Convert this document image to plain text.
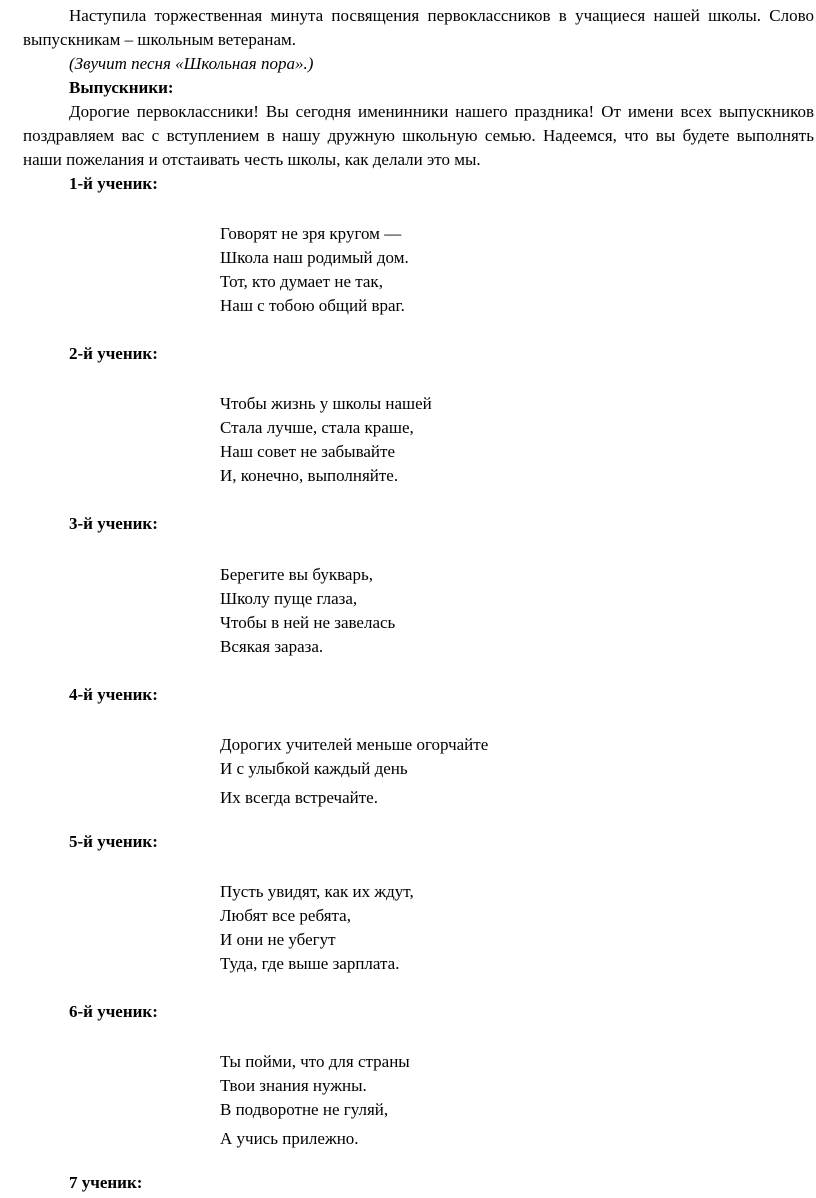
Наступила торжественная минута посвящения первоклассников в учащиеся нашей школы. Слово выпускникам – школьным ветеранам.

(Звучит песня «Школьная пора».)

Выпускники:

Дорогие первоклассники! Вы сегодня именинники нашего праздника! От имени всех выпускников поздравляем вас с вступлением в нашу дружную школьную семью. Надеемся, что вы будете выполнять наши пожелания и отстаивать честь школы, как делали это мы.

1-й ученик:

Говорят не зря кругом —
Школа наш родимый дом.
Тот, кто думает не так,
Наш с тобою общий враг.

2-й ученик:

Чтобы жизнь у школы нашей
Стала лучше, стала краше,
Наш совет не забывайте
И, конечно, выполняйте.

3-й ученик:

Берегите вы букварь,
Школу пуще глаза,
Чтобы в ней не завелась
Всякая зараза.

4-й ученик:

Дорогих учителей меньше огорчайте
И с улыбкой каждый день
Их всегда встречайте.

5-й ученик:

Пусть увидят, как их ждут,
Любят все ребята,
И они не убегут
Туда, где выше зарплата.

6-й ученик:

Ты пойми, что для страны
Твои знания нужны.
В подворотне не гуляй,
А учись прилежно.

7 ученик:
